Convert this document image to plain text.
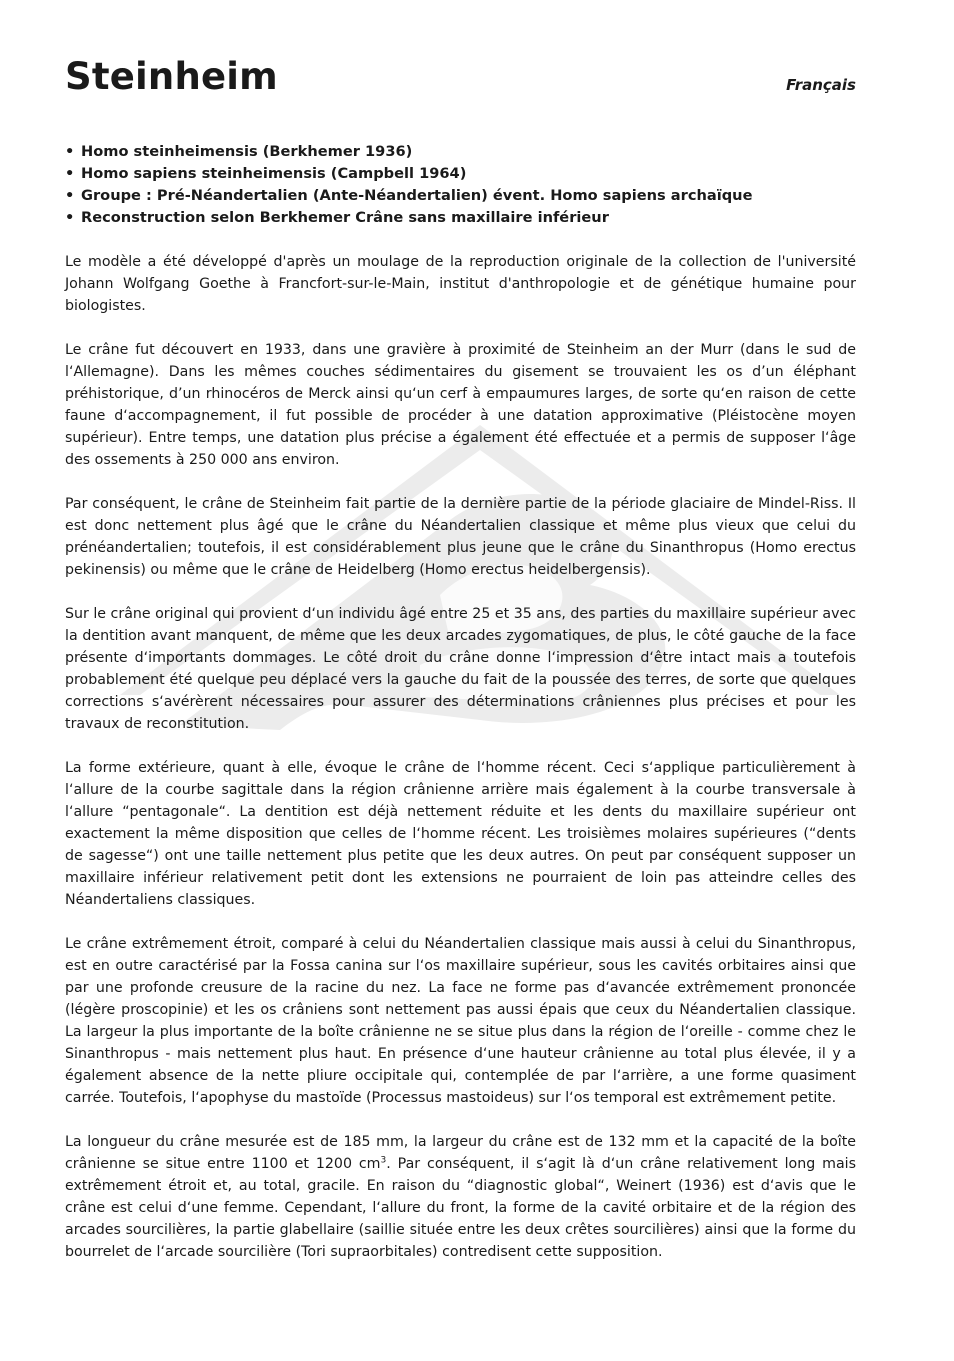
Steinheim	Français
• Homo steinheimensis (Berkhemer 1936)
• Homo sapiens steinheimensis (Campbell 1964)
• Groupe : Pré-Néandertalien (Ante-Néandertalien) évent. Homo sapiens archaïque
• Reconstruction selon Berkhemer Crâne sans maxillaire inférieur

Le modèle a été développé d'après un moulage de la reproduction originale de la collection de l'université Johann Wolfgang Goethe à Francfort-sur-le-Main, institut d'anthropologie et de génétique humaine pour biologistes.

Le crâne fut découvert en 1933, dans une gravière à proximité de Steinheim an der Murr (dans le sud de l‘Allemagne). Dans les mêmes couches sédimentaires du gisement se trouvaient les os d’un éléphant préhistorique, d’un rhinocéros de Merck ainsi qu‘un cerf à empaumures larges, de sorte qu‘en raison de cette faune d‘accompagnement, il fut possible de procéder à une datation approximative (Pléistocène moyen supérieur). Entre temps, une datation plus précise a également été effectuée et a permis de supposer l‘âge des ossements à 250 000 ans environ.

Par conséquent, le crâne de Steinheim fait partie de la dernière partie de la période glaciaire de Mindel-Riss. Il est donc nettement plus âgé que le crâne du Néandertalien classique et même plus vieux que celui du prénéandertalien; toutefois, il est considérablement plus jeune que le crâne du Sinanthropus (Homo erectus pekinensis) ou même que le crâne de Heidelberg (Homo erectus heidelbergensis).

Sur le crâne original qui provient d‘un individu âgé entre 25 et 35 ans, des parties du maxillaire supérieur avec la dentition avant manquent, de même que les deux arcades zygomatiques, de plus, le côté gauche de la face présente d‘importants dommages. Le côté droit du crâne donne l‘impression d‘être intact mais a toutefois probablement été quelque peu déplacé vers la gauche du fait de la poussée des terres, de sorte que quelques corrections s‘avérèrent nécessaires pour assurer des déterminations crâniennes plus précises et pour les travaux de reconstitution.

La forme extérieure, quant à elle, évoque le crâne de l‘homme récent. Ceci s‘applique particulièrement à l‘allure de la courbe sagittale dans la région crânienne arrière mais également à la courbe transversale à l‘allure “pentagonale“. La dentition est déjà nettement réduite et les dents du maxillaire supérieur ont exactement la même disposition que celles de l‘homme récent. Les troisièmes molaires supérieures (“dents de sagesse“) ont une taille nettement plus petite que les deux autres. On peut par conséquent supposer un maxillaire inférieur relativement petit dont les extensions ne pourraient de loin pas atteindre celles des Néandertaliens classiques.

Le crâne extrêmement étroit, comparé à celui du Néandertalien classique mais aussi à celui du Sinanthropus, est en outre caractérisé par la Fossa canina sur l‘os maxillaire supérieur, sous les cavités orbitaires ainsi que par une profonde creusure de la racine du nez. La face ne forme pas d‘avancée extrêmement prononcée (légère proscopinie) et les os crâniens sont nettement pas aussi épais que ceux du Néandertalien classique. La largeur la plus importante de la boîte crânienne ne se situe plus dans la région de l‘oreille - comme chez le Sinanthropus - mais nettement plus haut. En présence d‘une hauteur crânienne au total plus élevée, il y a également absence de la nette pliure occipitale qui, contemplée de par l‘arrière, a une forme quasiment carrée. Toutefois, l‘apophyse du mastoïde (Processus mastoideus) sur l‘os temporal est extrêmement petite.

La longueur du crâne mesurée est de 185 mm, la largeur du crâne est de 132 mm et la capacité de la boîte crânienne se situe entre 1100 et 1200 $cm^3$. Par conséquent, il s‘agit là d‘un crâne relativement long mais extrêmement étroit et, au total, gracile. En raison du “diagnostic global“, Weinert (1936) est d‘avis que le crâne est celui d‘une femme. Cependant, l‘allure du front, la forme de la cavité orbitaire et de la région des arcades sourcilières, la partie glabellaire (saillie située entre les deux crêtes sourcilières) ainsi que la forme du bourrelet de l‘arcade sourcilière (Tori supraorbitales) contredisent cette supposition.
